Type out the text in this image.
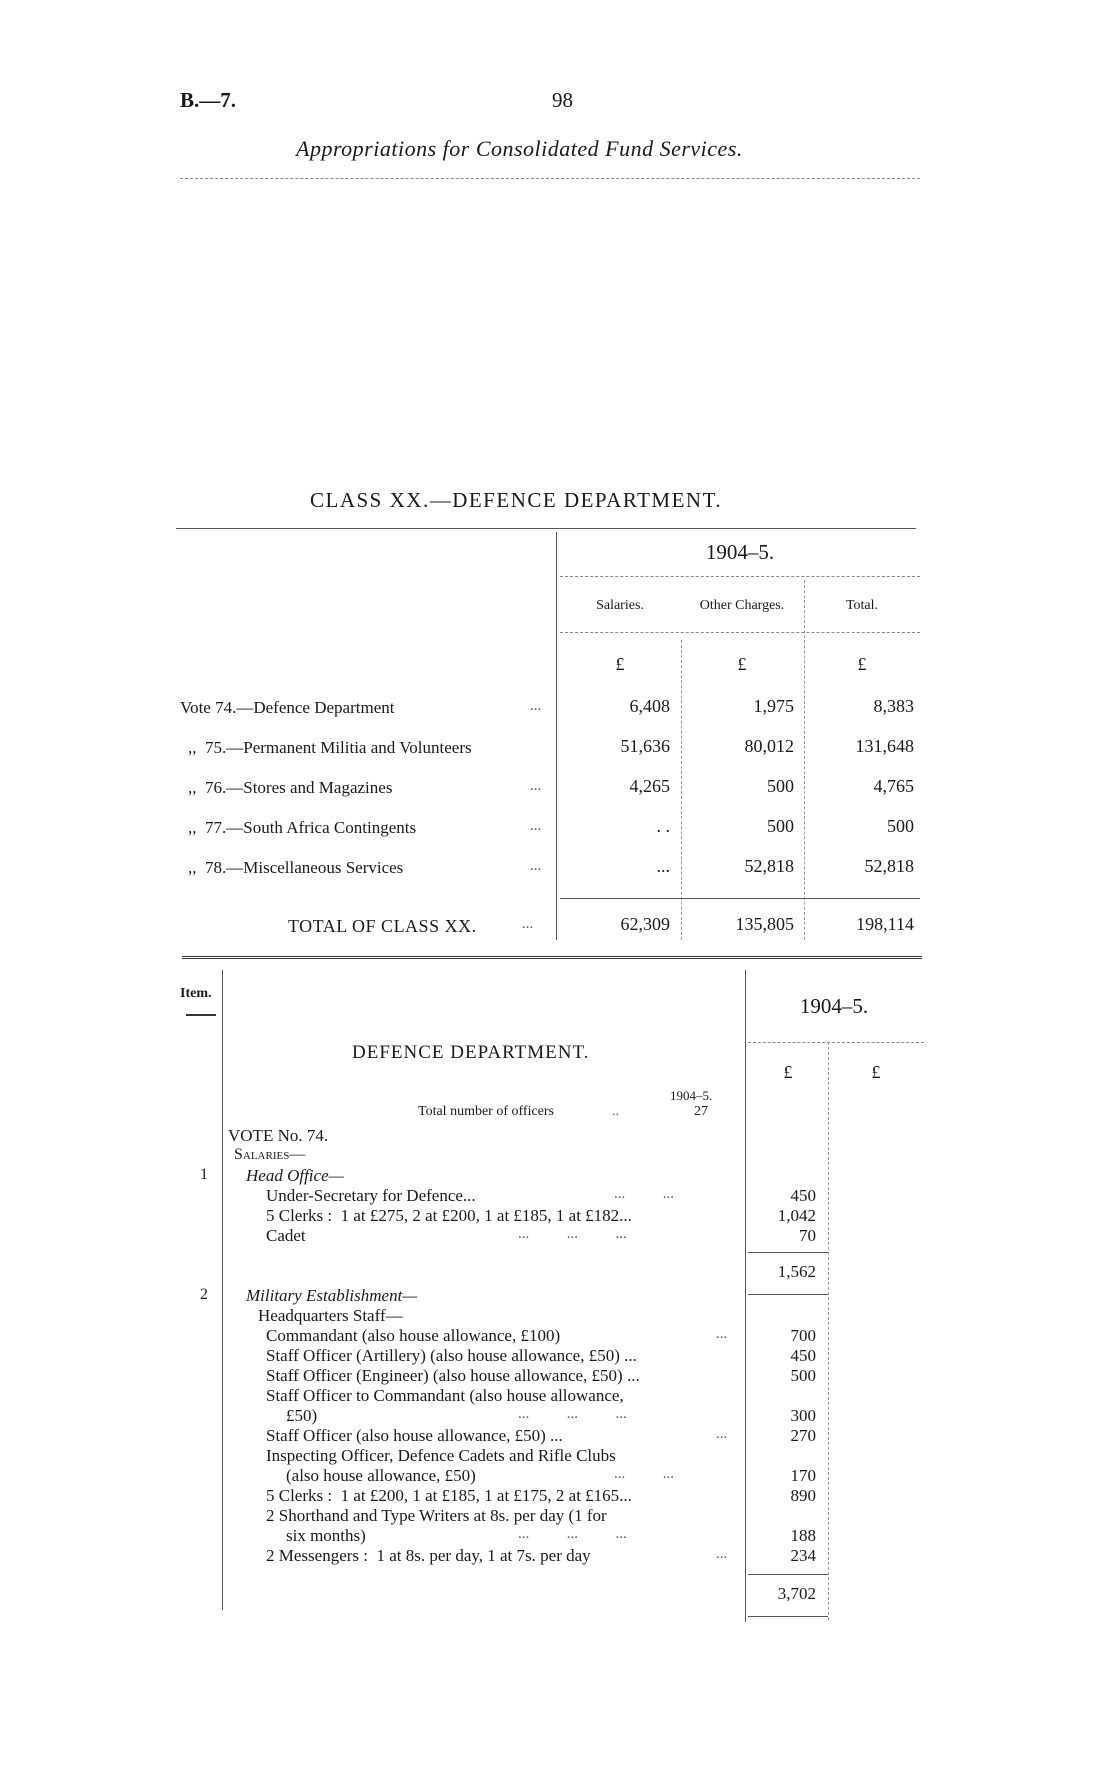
B.—7.	98
Appropriations for Consolidated Fund Services.
CLASS XX.—DEFENCE DEPARTMENT.
1904–5.
Salaries.	Other Charges.	Total.
£	£	£
Vote 74.—Defence Department	...	6,408	1,975	8,383
,,  75.—Permanent Militia and Volunteers	51,636	80,012	131,648
,,  76.—Stores and Magazines	...	4,265	500	4,765
,,  77.—South Africa Contingents	...	. .	500	500
,,  78.—Miscellaneous Services	...	...	52,818	52,818
TOTAL OF CLASS XX.	...	62,309	135,805	198,114
Item.
1904–5.
£	£
DEFENCE DEPARTMENT.
1904–5.
Total number of officers	..	27
VOTE No. 74.
Salaries—
1 Head Office—
Under-Secretary for Defence...	...          ...	450
5 Clerks :  1 at £275, 2 at £200, 1 at £185, 1 at £182...	1,042
Cadet	...          ...          ...	70
1,562
2 Military Establishment—
Headquarters Staff—
Commandant (also house allowance, £100)	...	700
Staff Officer (Artillery) (also house allowance, £50) ...	450
Staff Officer (Engineer) (also house allowance, £50) ...	500
Staff Officer to Commandant (also house allowance,
£50)	...          ...          ...	300
Staff Officer (also house allowance, £50) ...	...	270
Inspecting Officer, Defence Cadets and Rifle Clubs
(also house allowance, £50)	...          ...	170
5 Clerks :  1 at £200, 1 at £185, 1 at £175, 2 at £165...	890
2 Shorthand and Type Writers at 8s. per day (1 for
six months)	...          ...          ...	188
2 Messengers :  1 at 8s. per day, 1 at 7s. per day	...	234
3,702
